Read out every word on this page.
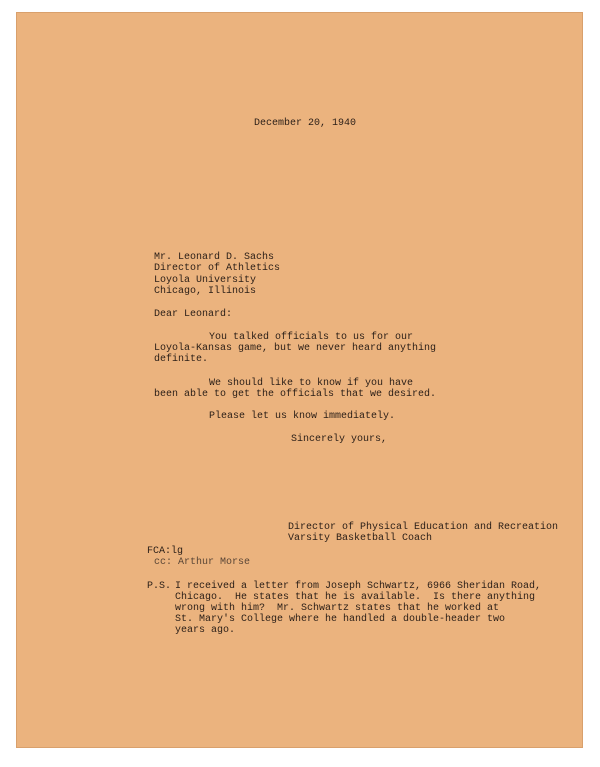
December 20, 1940
Mr. Leonard D. Sachs
Director of Athletics
Loyola University
Chicago, Illinois
Dear Leonard:
You talked officials to us for our
Loyola-Kansas game, but we never heard anything
definite.
We should like to know if you have
been able to get the officials that we desired.
Please let us know immediately.
Sincerely yours,
Director of Physical Education and Recreation
Varsity Basketball Coach
FCA:lg
cc: Arthur Morse
P.S. I received a letter from Joseph Schwartz, 6966 Sheridan Road,
Chicago.  He states that he is available.  Is there anything
wrong with him?  Mr. Schwartz states that he worked at
St. Mary's College where he handled a double-header two
years ago.
